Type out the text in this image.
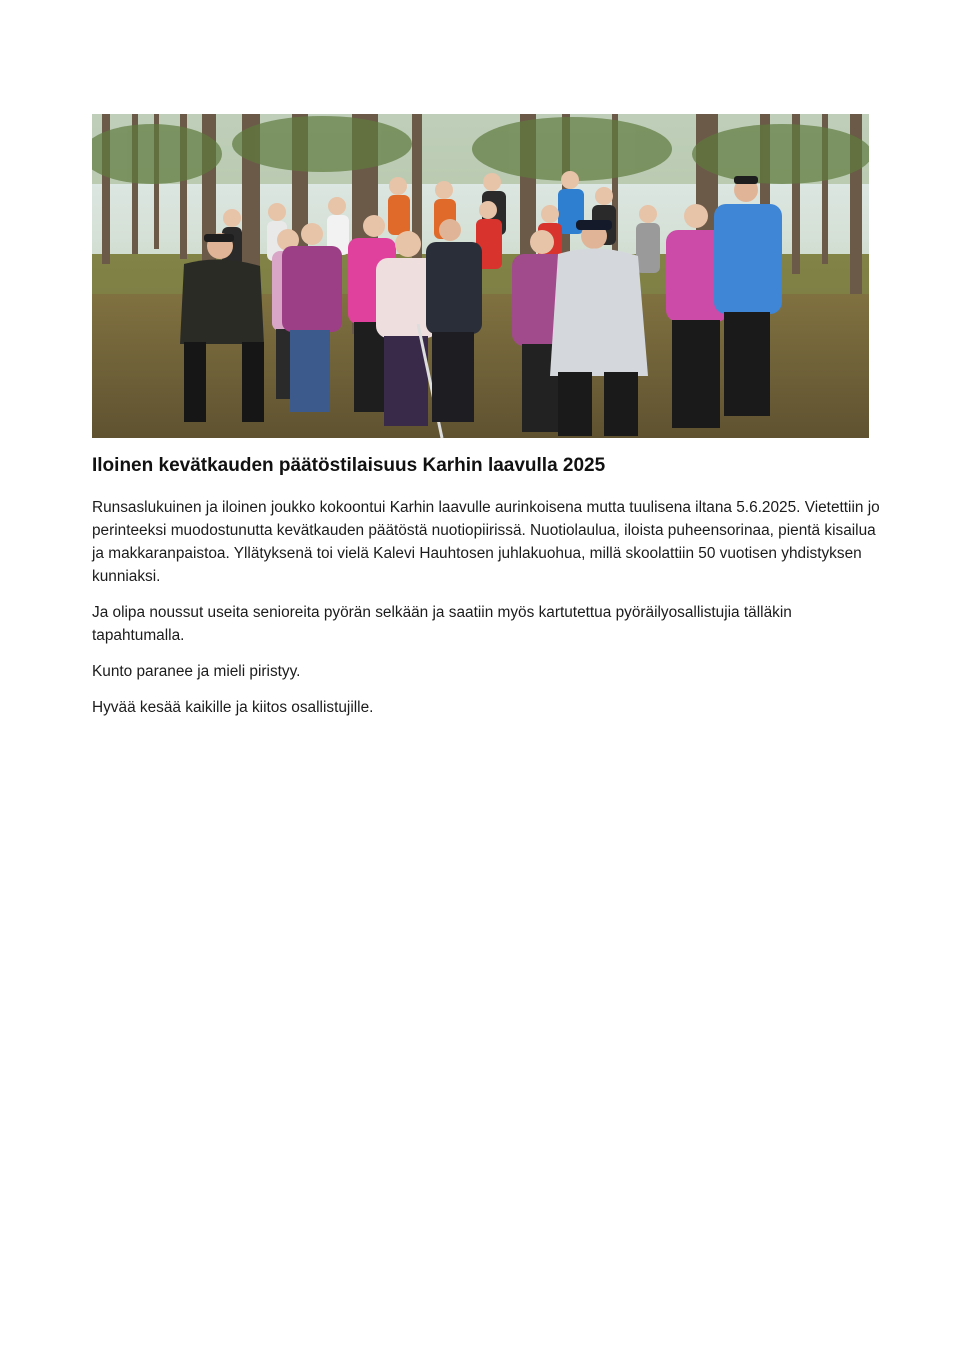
Iloinen kevätkauden päätöstilaisuus Karhin laavulla 2025

Runsaslukuinen ja iloinen joukko kokoontui Karhin laavulle aurinkoisena mutta tuulisena iltana 5.6.2025. Vietettiin jo perinteeksi muodostunutta kevätkauden päätöstä nuotiopiirissä. Nuotiolaulua, iloista puheensorinaa, pientä kisailua ja makkaranpaistoa. Yllätyksenä toi vielä Kalevi Hauhtosen juhlakuohua, millä skoolattiin 50 vuotisen yhdistyksen kunniaksi.

Ja olipa noussut useita senioreita pyörän selkään ja saatiin myös kartutettua pyöräilyosallistujia tälläkin tapahtumalla.

Kunto paranee ja mieli piristyy.

Hyvää kesää kaikille ja kiitos osallistujille.
